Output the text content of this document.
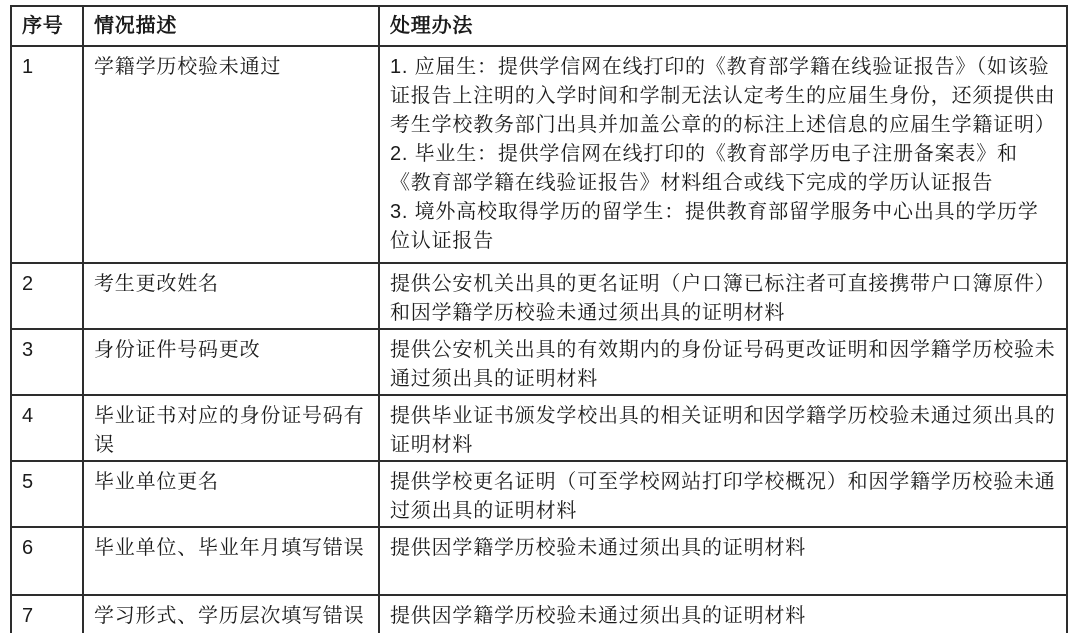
序号	情况描述	处理办法
1	学籍学历校验未通过	1. 应届生：提供学信网在线打印的《教育部学籍在线验证报告》（如该验证报告上注明的入学时间和学制无法认定考生的应届生身份，还须提供由考生学校教务部门出具并加盖公章的的标注上述信息的应届生学籍证明）
2. 毕业生：提供学信网在线打印的《教育部学历电子注册备案表》和《教育部学籍在线验证报告》材料组合或线下完成的学历认证报告
3. 境外高校取得学历的留学生：提供教育部留学服务中心出具的学历学位认证报告

2	考生更改姓名	提供公安机关出具的更名证明（户口簿已标注者可直接携带户口簿原件）和因学籍学历校验未通过须出具的证明材料

3	身份证件号码更改	提供公安机关出具的有效期内的身份证号码更改证明和因学籍学历校验未通过须出具的证明材料

4	毕业证书对应的身份证号码有误	提供毕业证书颁发学校出具的相关证明和因学籍学历校验未通过须出具的证明材料

5	毕业单位更名	提供学校更名证明（可至学校网站打印学校概况）和因学籍学历校验未通过须出具的证明材料

6	毕业单位、毕业年月填写错误	提供因学籍学历校验未通过须出具的证明材料

7	学习形式、学历层次填写错误	提供因学籍学历校验未通过须出具的证明材料
